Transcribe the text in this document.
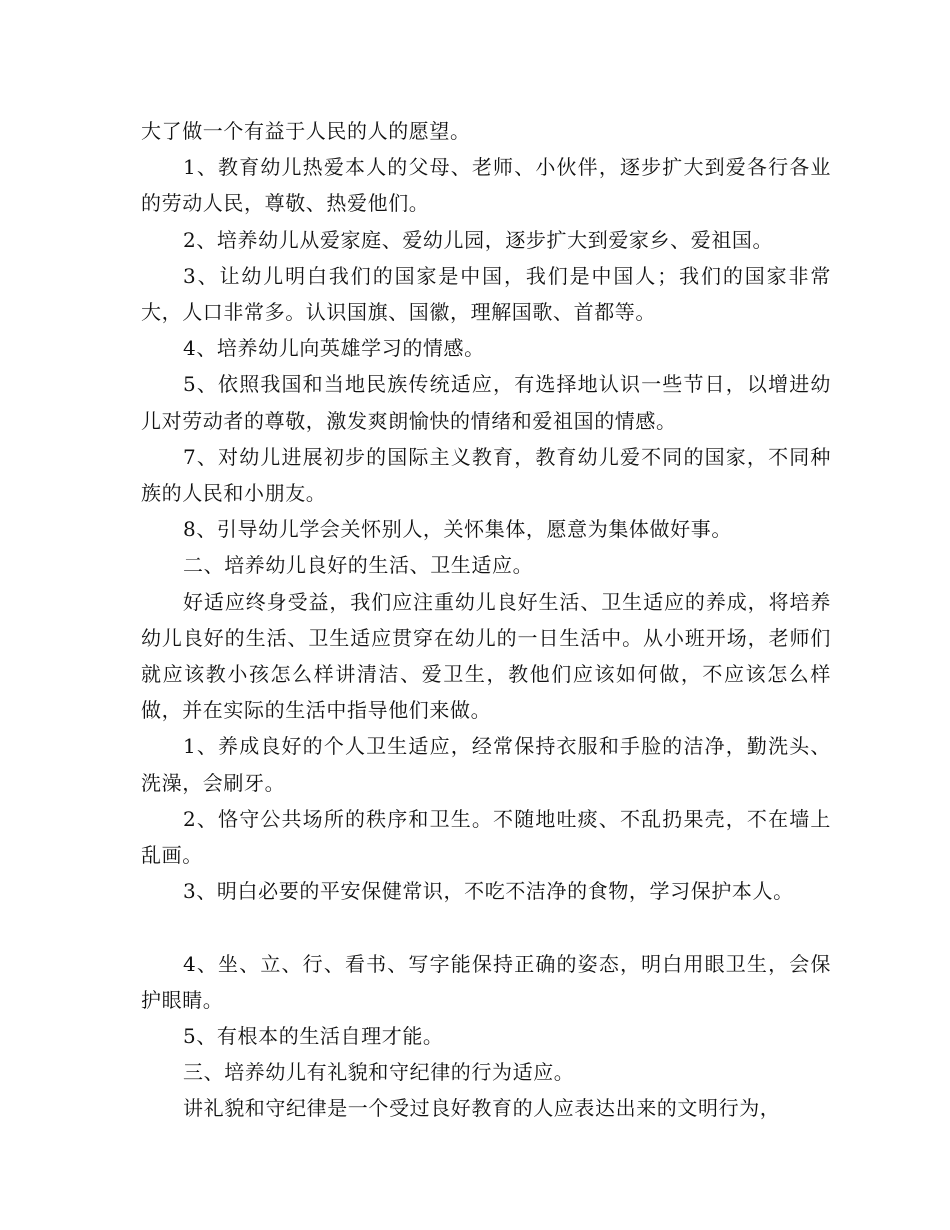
大了做一个有益于人民的人的愿望。

1、教育幼儿热爱本人的父母、老师、小伙伴，逐步扩大到爱各行各业的劳动人民，尊敬、热爱他们。

2、培养幼儿从爱家庭、爱幼儿园，逐步扩大到爱家乡、爱祖国。

3、让幼儿明白我们的国家是中国，我们是中国人；我们的国家非常大，人口非常多。认识国旗、国徽，理解国歌、首都等。

4、培养幼儿向英雄学习的情感。

5、依照我国和当地民族传统适应，有选择地认识一些节日，以增进幼儿对劳动者的尊敬，激发爽朗愉快的情绪和爱祖国的情感。

7、对幼儿进展初步的国际主义教育，教育幼儿爱不同的国家，不同种族的人民和小朋友。

8、引导幼儿学会关怀别人，关怀集体，愿意为集体做好事。

二、培养幼儿良好的生活、卫生适应。

好适应终身受益，我们应注重幼儿良好生活、卫生适应的养成，将培养幼儿良好的生活、卫生适应贯穿在幼儿的一日生活中。从小班开场，老师们就应该教小孩怎么样讲清洁、爱卫生，教他们应该如何做，不应该怎么样做，并在实际的生活中指导他们来做。

1、养成良好的个人卫生适应，经常保持衣服和手脸的洁净，勤洗头、洗澡，会刷牙。

2、恪守公共场所的秩序和卫生。不随地吐痰、不乱扔果壳，不在墙上乱画。

3、明白必要的平安保健常识，不吃不洁净的食物，学习保护本人。

4、坐、立、行、看书、写字能保持正确的姿态，明白用眼卫生，会保护眼睛。

5、有根本的生活自理才能。

三、培养幼儿有礼貌和守纪律的行为适应。

讲礼貌和守纪律是一个受过良好教育的人应表达出来的文明行为，
